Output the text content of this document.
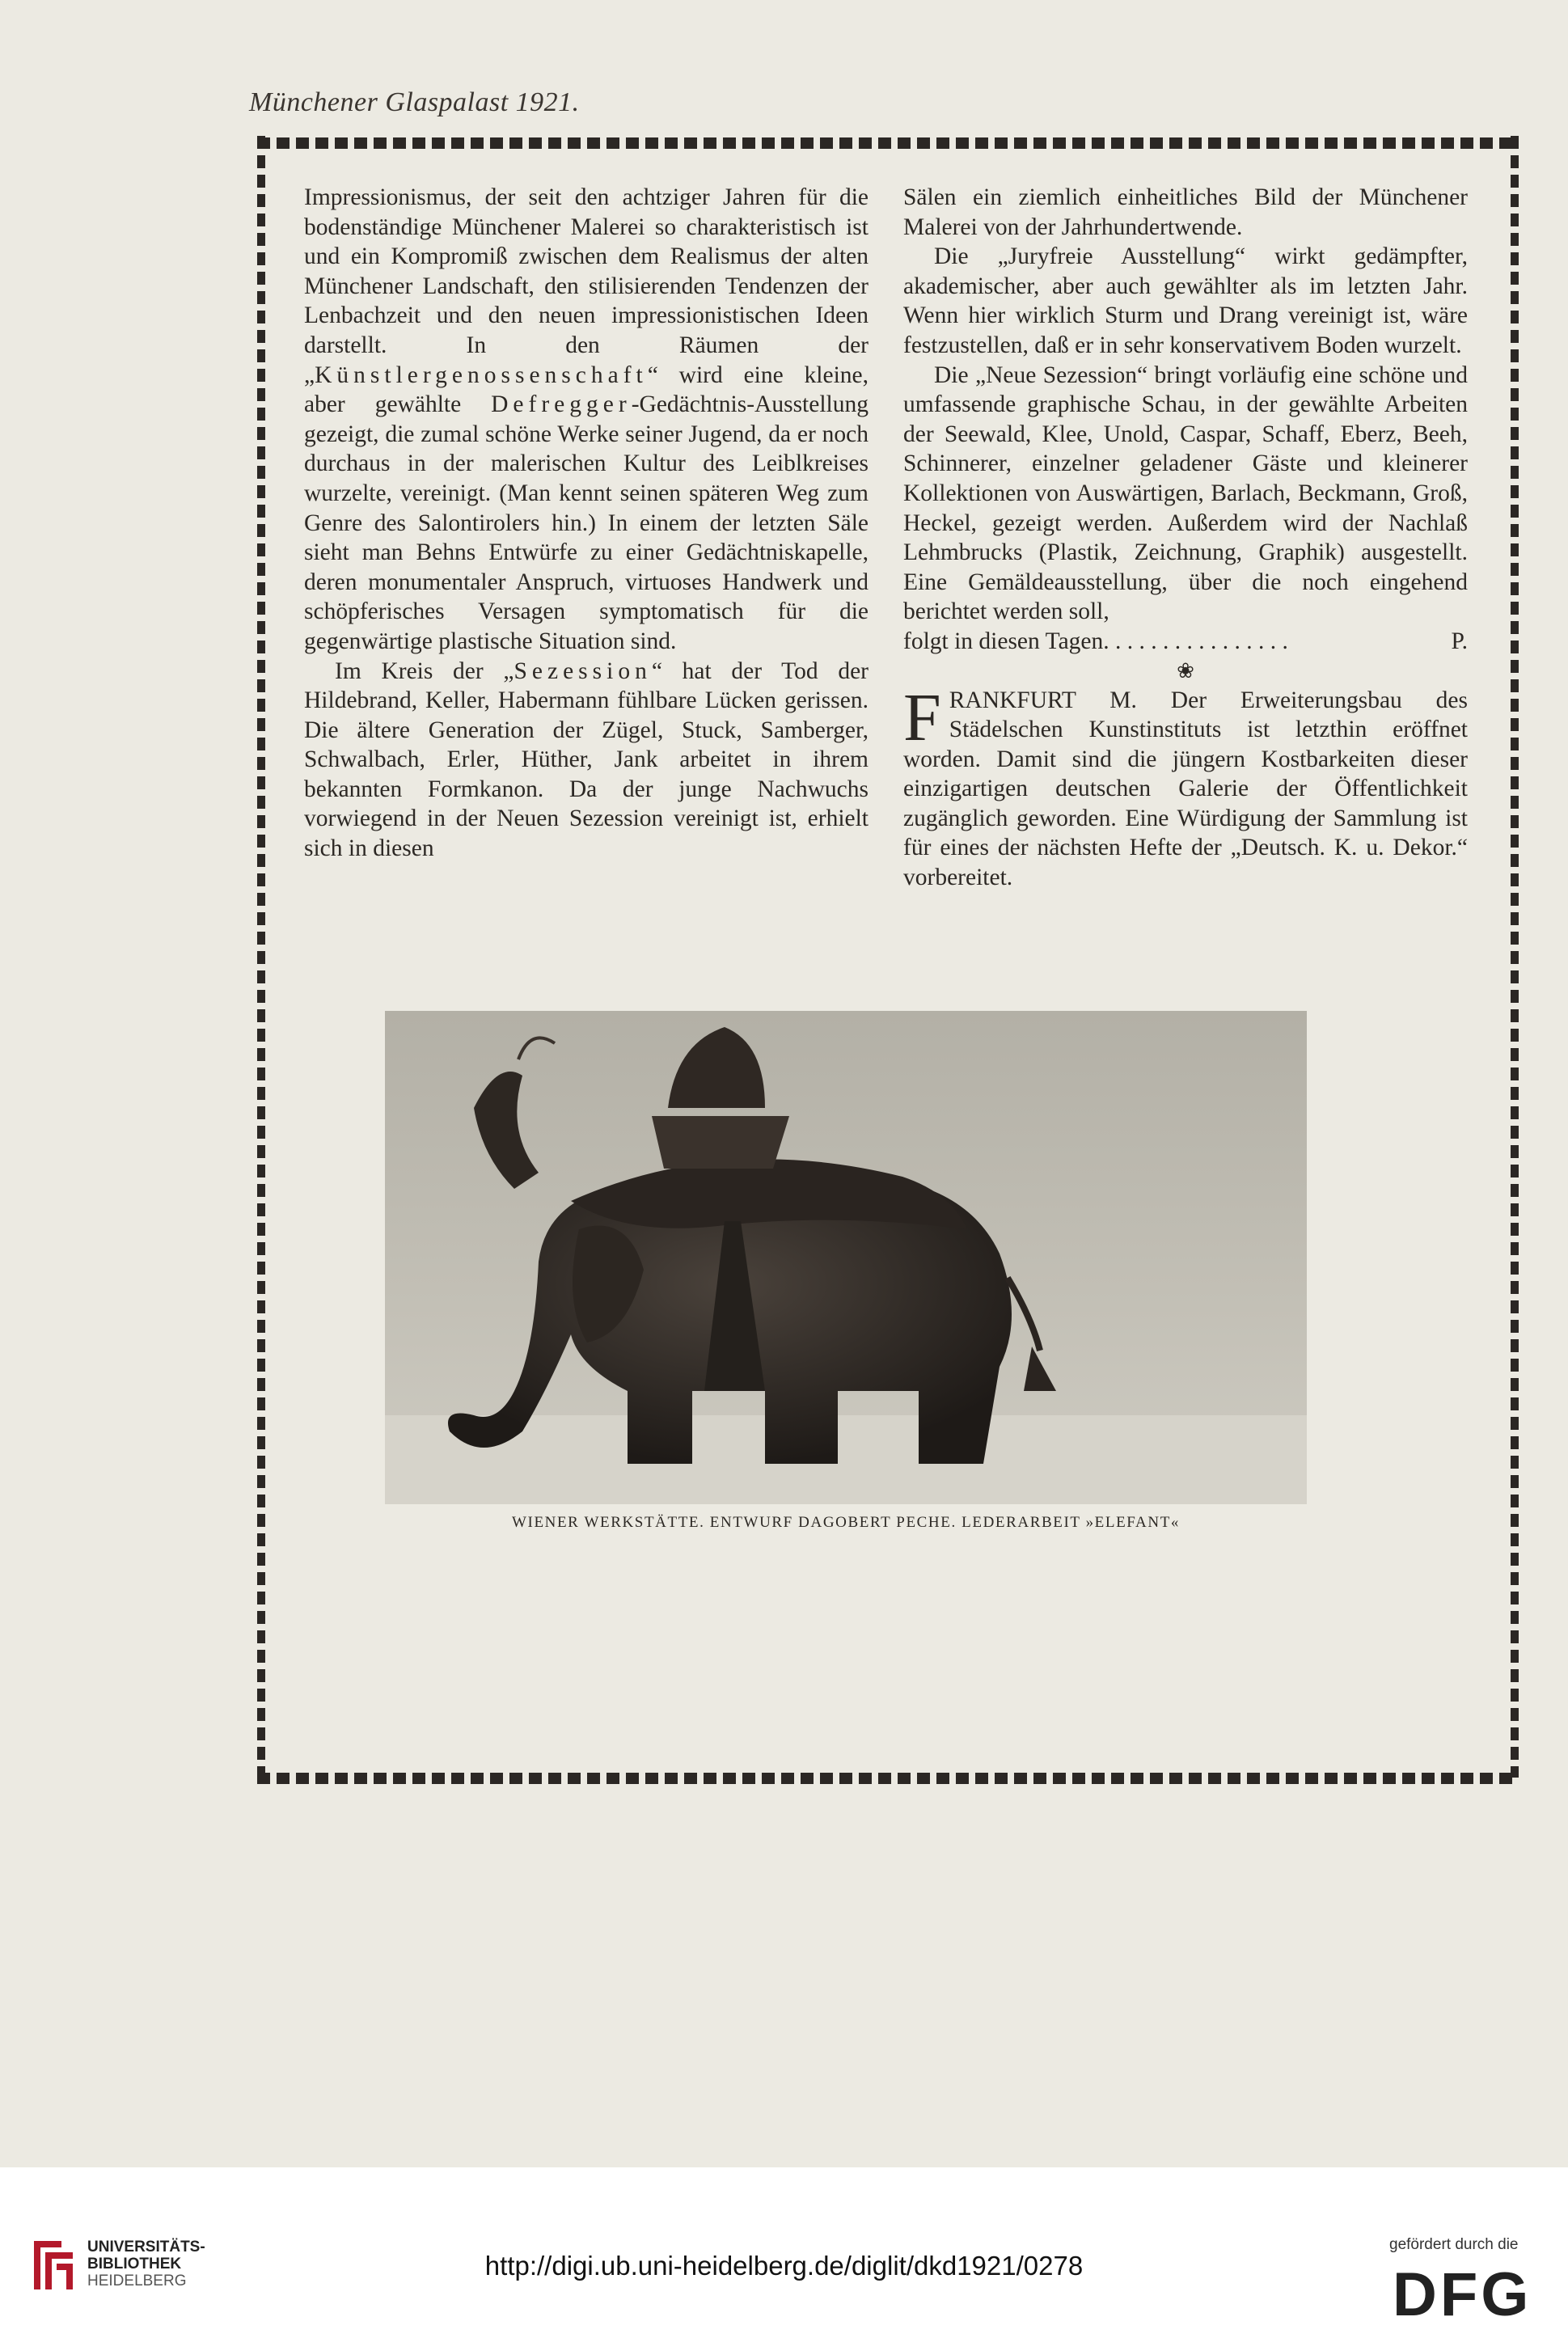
Münchener Glaspalast 1921.

Impressionismus, der seit den achtziger Jahren für die bodenständige Münchener Malerei so charakteristisch ist und ein Kompromiß zwischen dem Realismus der alten Münchener Landschaft, den stilisierenden Tendenzen der Lenbachzeit und den neuen impressionistischen Ideen darstellt. In den Räumen der „Künstlergenossenschaft“ wird eine kleine, aber gewählte Defregger-Gedächtnis-Ausstellung gezeigt, die zumal schöne Werke seiner Jugend, da er noch durchaus in der malerischen Kultur des Leiblkreises wurzelte, vereinigt. (Man kennt seinen späteren Weg zum Genre des Salontirolers hin.) In einem der letzten Säle sieht man Behns Entwürfe zu einer Gedächtniskapelle, deren monumentaler Anspruch, virtuoses Handwerk und schöpferisches Versagen symptomatisch für die gegenwärtige plastische Situation sind.

Im Kreis der „Sezession“ hat der Tod der Hildebrand, Keller, Habermann fühlbare Lücken gerissen. Die ältere Generation der Zügel, Stuck, Samberger, Schwalbach, Erler, Hüther, Jank arbeitet in ihrem bekannten Formkanon. Da der junge Nachwuchs vorwiegend in der Neuen Sezession vereinigt ist, erhielt sich in diesen

Sälen ein ziemlich einheitliches Bild der Münchener Malerei von der Jahrhundertwende.

Die „Juryfreie Ausstellung“ wirkt gedämpfter, akademischer, aber auch gewählter als im letzten Jahr. Wenn hier wirklich Sturm und Drang vereinigt ist, wäre festzustellen, daß er in sehr konservativem Boden wurzelt.

Die „Neue Sezession“ bringt vorläufig eine schöne und umfassende graphische Schau, in der gewählte Arbeiten der Seewald, Klee, Unold, Caspar, Schaff, Eberz, Beeh, Schinnerer, einzelner geladener Gäste und kleinerer Kollektionen von Auswärtigen, Barlach, Beckmann, Groß, Heckel, gezeigt werden. Außerdem wird der Nachlaß Lehmbrucks (Plastik, Zeichnung, Graphik) ausgestellt. Eine Gemäldeausstellung, über die noch eingehend berichtet werden soll,

folgt in diesen Tagen. . . . . . . . . . . . . . . .	P.

❀

FRANKFURT M. Der Erweiterungsbau des Städelschen Kunstinstituts ist letzthin eröffnet worden. Damit sind die jüngern Kostbarkeiten dieser einzigartigen deutschen Galerie der Öffentlichkeit zugänglich geworden. Eine Würdigung der Sammlung ist für eines der nächsten Hefte der „Deutsch. K. u. Dekor.“ vorbereitet.

WIENER WERKSTÄTTE. ENTWURF DAGOBERT PECHE. LEDERARBEIT »ELEFANT«
UNIVERSITÄTS-
BIBLIOTHEK
HEIDELBERG
http://digi.ub.uni-heidelberg.de/diglit/dkd1921/0278
gefördert durch die
DFG
